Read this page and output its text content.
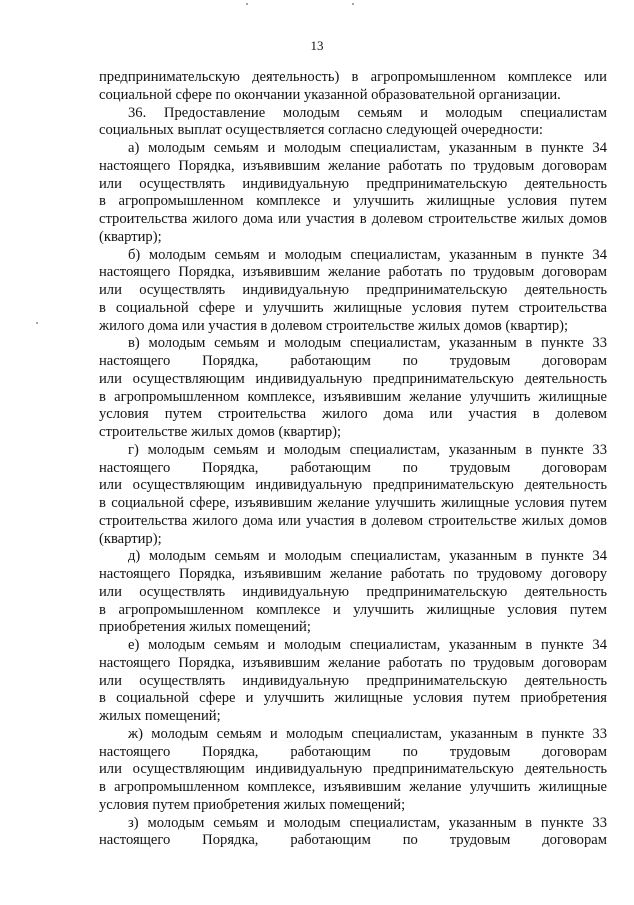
13
предпринимательскую деятельность) в агропромышленном комплексе или
социальной сфере по окончании указанной образовательной организации.
36. Предоставление молодым семьям и молодым специалистам
социальных выплат осуществляется согласно следующей очередности:
а) молодым семьям и молодым специалистам, указанным в пункте 34
настоящего Порядка, изъявившим желание работать по трудовым договорам
или осуществлять индивидуальную предпринимательскую деятельность
в агропромышленном комплексе и улучшить жилищные условия путем
строительства жилого дома или участия в долевом строительстве жилых домов
(квартир);
б) молодым семьям и молодым специалистам, указанным в пункте 34
настоящего Порядка, изъявившим желание работать по трудовым договорам
или осуществлять индивидуальную предпринимательскую деятельность
в социальной сфере и улучшить жилищные условия путем строительства
жилого дома или участия в долевом строительстве жилых домов (квартир);
в) молодым семьям и молодым специалистам, указанным в пункте 33
настоящего Порядка, работающим по трудовым договорам
или осуществляющим индивидуальную предпринимательскую деятельность
в агропромышленном комплексе, изъявившим желание улучшить жилищные
условия путем строительства жилого дома или участия в долевом
строительстве жилых домов (квартир);
г) молодым семьям и молодым специалистам, указанным в пункте 33
настоящего Порядка, работающим по трудовым договорам
или осуществляющим индивидуальную предпринимательскую деятельность
в социальной сфере, изъявившим желание улучшить жилищные условия путем
строительства жилого дома или участия в долевом строительстве жилых домов
(квартир);
д) молодым семьям и молодым специалистам, указанным в пункте 34
настоящего Порядка, изъявившим желание работать по трудовому договору
или осуществлять индивидуальную предпринимательскую деятельность
в агропромышленном комплексе и улучшить жилищные условия путем
приобретения жилых помещений;
е) молодым семьям и молодым специалистам, указанным в пункте 34
настоящего Порядка, изъявившим желание работать по трудовым договорам
или осуществлять индивидуальную предпринимательскую деятельность
в социальной сфере и улучшить жилищные условия путем приобретения
жилых помещений;
ж) молодым семьям и молодым специалистам, указанным в пункте 33
настоящего Порядка, работающим по трудовым договорам
или осуществляющим индивидуальную предпринимательскую деятельность
в агропромышленном комплексе, изъявившим желание улучшить жилищные
условия путем приобретения жилых помещений;
з) молодым семьям и молодым специалистам, указанным в пункте 33
настоящего Порядка, работающим по трудовым договорам
